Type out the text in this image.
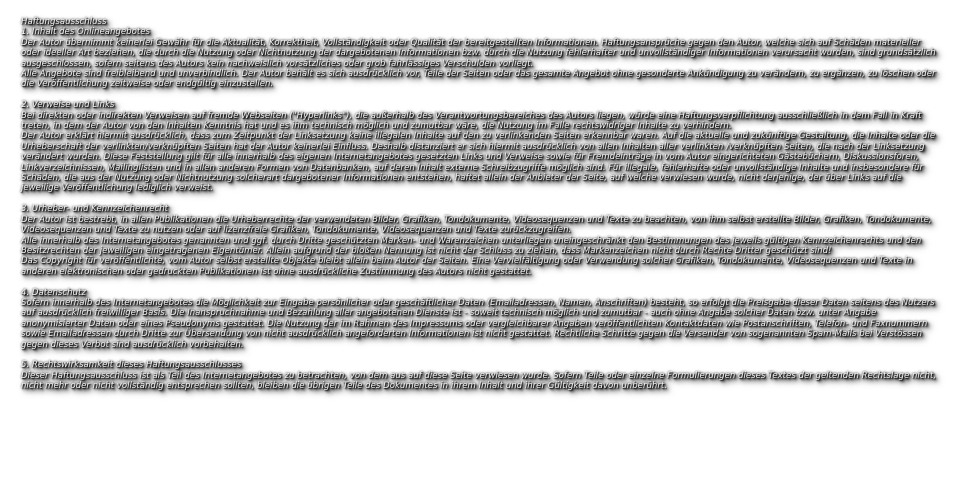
Haftungsausschluss
1. Inhalt des Onlineangebotes
Der Autor übernimmt keinerlei Gewähr für die Aktualität, Korrektheit, Vollständigkeit oder Qualität der bereitgestellten Informationen. Haftungsansprüche gegen den Autor, welche sich auf Schäden materieller oder ideeller Art beziehen, die durch die Nutzung oder Nichtnutzung der dargebotenen Informationen bzw. durch die Nutzung fehlerhafter und unvollständiger Informationen verursacht wurden, sind grundsätzlich ausgeschlossen, sofern seitens des Autors kein nachweislich vorsätzliches oder grob fahrlässiges Verschulden vorliegt.
Alle Angebote sind freibleibend und unverbindlich. Der Autor behält es sich ausdrücklich vor, Teile der Seiten oder das gesamte Angebot ohne gesonderte Ankündigung zu verändern, zu ergänzen, zu löschen oder die Veröffentlichung zeitweise oder endgültig einzustellen.
2. Verweise und Links
Bei direkten oder indirekten Verweisen auf fremde Webseiten ("Hyperlinks"), die außerhalb des Verantwortungsbereiches des Autors liegen, würde eine Haftungsverpflichtung ausschließlich in dem Fall in Kraft treten, in dem der Autor von den Inhalten Kenntnis hat und es ihm technisch möglich und zumutbar wäre, die Nutzung im Falle rechtswidriger Inhalte zu verhindern.
Der Autor erklärt hiermit ausdrücklich, dass zum Zeitpunkt der Linksetzung keine illegalen Inhalte auf den zu verlinkenden Seiten erkennbar waren. Auf die aktuelle und zukünftige Gestaltung, die Inhalte oder die Urheberschaft der verlinkten/verknüpften Seiten hat der Autor keinerlei Einfluss. Deshalb distanziert er sich hiermit ausdrücklich von allen Inhalten aller verlinkten /verknüpften Seiten, die nach der Linksetzung verändert wurden. Diese Feststellung gilt für alle innerhalb des eigenen Internetangebotes gesetzten Links und Verweise sowie für Fremdeinträge in vom Autor eingerichteten Gästebüchern, Diskussionsforen, Linkverzeichnissen, Mailinglisten und in allen anderen Formen von Datenbanken, auf deren Inhalt externe Schreibzugriffe möglich sind. Für illegale, fehlerhafte oder unvollständige Inhalte und insbesondere für Schäden, die aus der Nutzung oder Nichtnutzung solcherart dargebotener Informationen entstehen, haftet allein der Anbieter der Seite, auf welche verwiesen wurde, nicht derjenige, der über Links auf die jeweilige Veröffentlichung lediglich verweist.
3. Urheber- und Kennzeichenrecht
Der Autor ist bestrebt, in allen Publikationen die Urheberrechte der verwendeten Bilder, Grafiken, Tondokumente, Videosequenzen und Texte zu beachten, von ihm selbst erstellte Bilder, Grafiken, Tondokumente, Videosequenzen und Texte zu nutzen oder auf lizenzfreie Grafiken, Tondokumente, Videosequenzen und Texte zurückzugreifen.
Alle innerhalb des Internetangebotes genannten und ggf. durch Dritte geschützten Marken- und Warenzeichen unterliegen uneingeschränkt den Bestimmungen des jeweils gültigen Kennzeichenrechts und den Besitzrechten der jeweiligen eingetragenen Eigentümer. Allein aufgrund der bloßen Nennung ist nicht der Schluss zu ziehen, dass Markenzeichen nicht durch Rechte Dritter geschützt sind!
Das Copyright für veröffentlichte, vom Autor selbst erstellte Objekte bleibt allein beim Autor der Seiten. Eine Vervielfältigung oder Verwendung solcher Grafiken, Tondokumente, Videosequenzen und Texte in anderen elektronischen oder gedruckten Publikationen ist ohne ausdrückliche Zustimmung des Autors nicht gestattet.
4. Datenschutz
Sofern innerhalb des Internetangebotes die Möglichkeit zur Eingabe persönlicher oder geschäftlicher Daten (Emailadressen, Namen, Anschriften) besteht, so erfolgt die Preisgabe dieser Daten seitens des Nutzers auf ausdrücklich freiwilliger Basis. Die Inanspruchnahme und Bezahlung aller angebotenen Dienste ist - soweit technisch möglich und zumutbar - auch ohne Angabe solcher Daten bzw. unter Angabe anonymisierter Daten oder eines Pseudonyms gestattet. Die Nutzung der im Rahmen des Impressums oder vergleichbarer Angaben veröffentlichten Kontaktdaten wie Postanschriften, Telefon- und Faxnummern sowie Emailadressen durch Dritte zur Übersendung von nicht ausdrücklich angeforderten Informationen ist nicht gestattet. Rechtliche Schritte gegen die Versender von sogenannten Spam-Mails bei Verstössen gegen dieses Verbot sind ausdrücklich vorbehalten.
5. Rechtswirksamkeit dieses Haftungsausschlusses
Dieser Haftungsausschluss ist als Teil des Internetangebotes zu betrachten, von dem aus auf diese Seite verwiesen wurde. Sofern Teile oder einzelne Formulierungen dieses Textes der geltenden Rechtslage nicht, nicht mehr oder nicht vollständig entsprechen sollten, bleiben die übrigen Teile des Dokumentes in ihrem Inhalt und ihrer Gültigkeit davon unberührt.
